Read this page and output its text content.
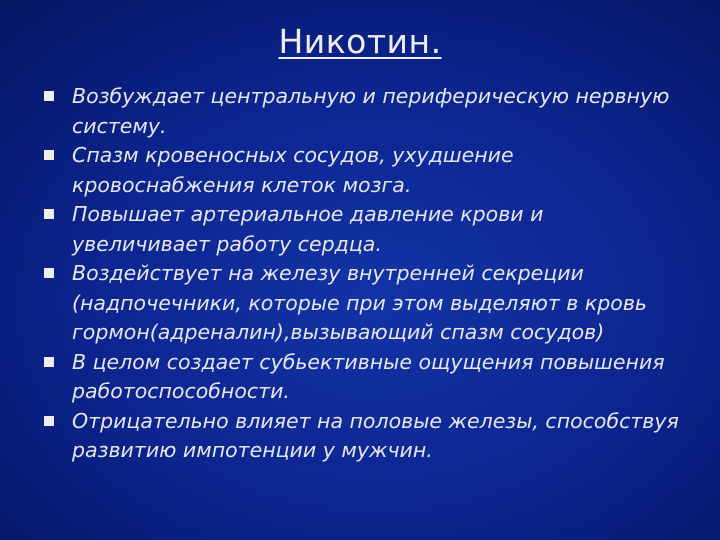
Никотин.
Возбуждает центральную и периферическую нервную систему.
Спазм кровеносных сосудов, ухудшение кровоснабжения клеток мозга.
Повышает артериальное давление крови и увеличивает работу сердца.
Воздействует на железу внутренней секреции (надпочечники, которые при этом выделяют в кровь гормон(адреналин),вызывающий спазм сосудов)
В целом создает субьективные ощущения повышения работоспособности.
Отрицательно влияет на половые железы, способствуя развитию импотенции у мужчин.
